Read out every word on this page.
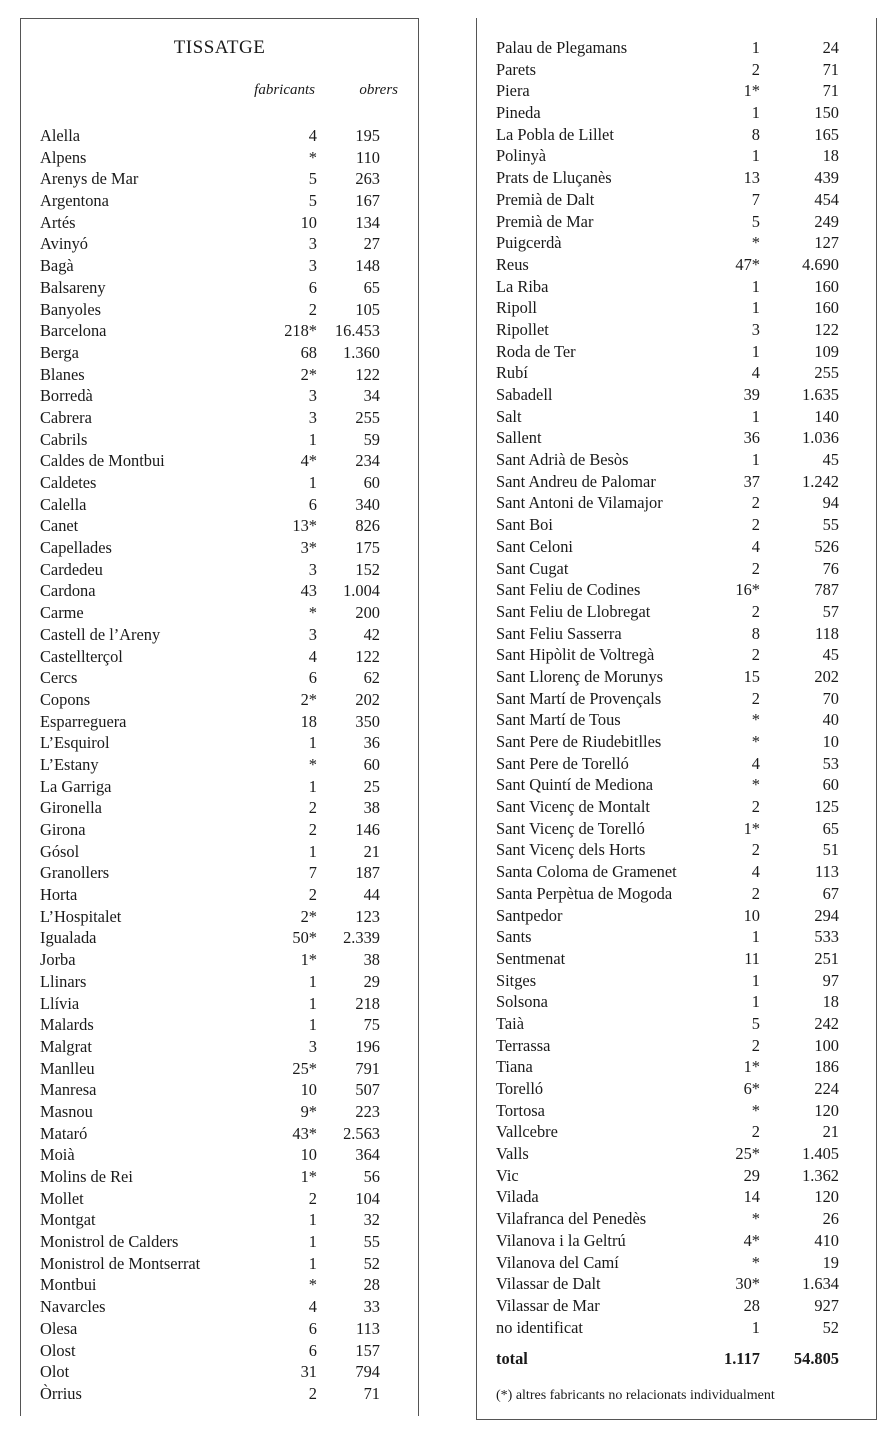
TISSATGE
fabricants	obrers
Alella	4	195
Alpens	*	110
Arenys de Mar	5	263
Argentona	5	167
Artés	10	134
Avinyó	3	27
Bagà	3	148
Balsareny	6	65
Banyoles	2	105
Barcelona	218*	16.453
Berga	68	1.360
Blanes	2*	122
Borredà	3	34
Cabrera	3	255
Cabrils	1	59
Caldes de Montbui	4*	234
Caldetes	1	60
Calella	6	340
Canet	13*	826
Capellades	3*	175
Cardedeu	3	152
Cardona	43	1.004
Carme	*	200
Castell de l’Areny	3	42
Castellterçol	4	122
Cercs	6	62
Copons	2*	202
Esparreguera	18	350
L’Esquirol	1	36
L’Estany	*	60
La Garriga	1	25
Gironella	2	38
Girona	2	146
Gósol	1	21
Granollers	7	187
Horta	2	44
L’Hospitalet	2*	123
Igualada	50*	2.339
Jorba	1*	38
Llinars	1	29
Llívia	1	218
Malards	1	75
Malgrat	3	196
Manlleu	25*	791
Manresa	10	507
Masnou	9*	223
Mataró	43*	2.563
Moià	10	364
Molins de Rei	1*	56
Mollet	2	104
Montgat	1	32
Monistrol de Calders	1	55
Monistrol de Montserrat	1	52
Montbui	*	28
Navarcles	4	33
Olesa	6	113
Olost	6	157
Olot	31	794
Òrrius	2	71
Palau de Plegamans	1	24
Parets	2	71
Piera	1*	71
Pineda	1	150
La Pobla de Lillet	8	165
Polinyà	1	18
Prats de Lluçanès	13	439
Premià de Dalt	7	454
Premià de Mar	5	249
Puigcerdà	*	127
Reus	47*	4.690
La Riba	1	160
Ripoll	1	160
Ripollet	3	122
Roda de Ter	1	109
Rubí	4	255
Sabadell	39	1.635
Salt	1	140
Sallent	36	1.036
Sant Adrià de Besòs	1	45
Sant Andreu de Palomar	37	1.242
Sant Antoni de Vilamajor	2	94
Sant Boi	2	55
Sant Celoni	4	526
Sant Cugat	2	76
Sant Feliu de Codines	16*	787
Sant Feliu de Llobregat	2	57
Sant Feliu Sasserra	8	118
Sant Hipòlit de Voltregà	2	45
Sant Llorenç de Morunys	15	202
Sant Martí de Provençals	2	70
Sant Martí de Tous	*	40
Sant Pere de Riudebitlles	*	10
Sant Pere de Torelló	4	53
Sant Quintí de Mediona	*	60
Sant Vicenç de Montalt	2	125
Sant Vicenç de Torelló	1*	65
Sant Vicenç dels Horts	2	51
Santa Coloma de Gramenet	4	113
Santa Perpètua de Mogoda	2	67
Santpedor	10	294
Sants	1	533
Sentmenat	11	251
Sitges	1	97
Solsona	1	18
Taià	5	242
Terrassa	2	100
Tiana	1*	186
Torelló	6*	224
Tortosa	*	120
Vallcebre	2	21
Valls	25*	1.405
Vic	29	1.362
Vilada	14	120
Vilafranca del Penedès	*	26
Vilanova i la Geltrú	4*	410
Vilanova del Camí	*	19
Vilassar de Dalt	30*	1.634
Vilassar de Mar	28	927
no identificat	1	52
total	1.117	54.805
(*) altres fabricants no relacionats individualment
